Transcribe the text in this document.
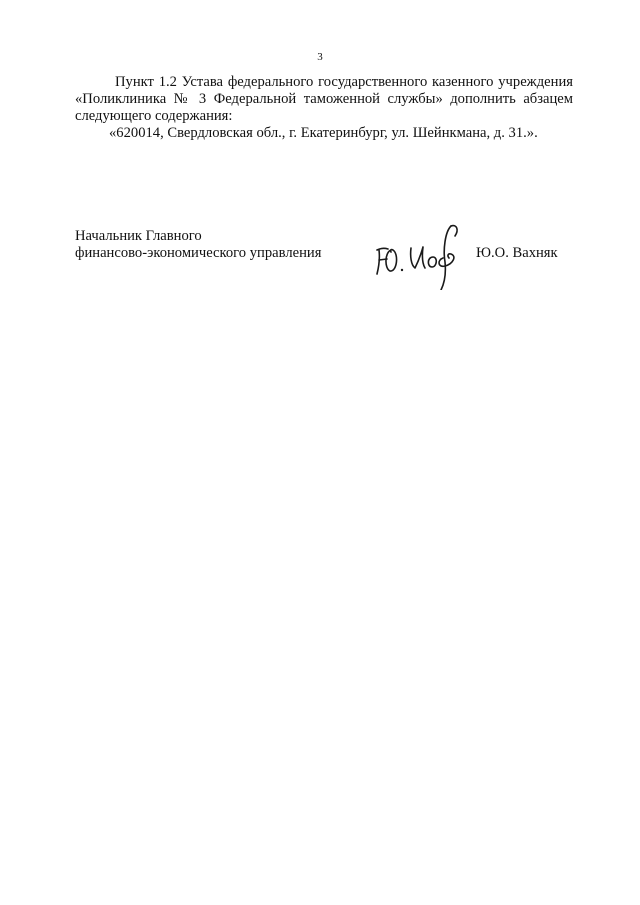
3

Пункт 1.2 Устава федерального государственного казенного учреждения «Поликлиника № 3 Федеральной таможенной службы» дополнить абзацем следующего содержания:

«620014, Свердловская обл., г. Екатеринбург, ул. Шейнкмана, д. 31.».

Начальник Главного
финансово-экономического управления	Ю.О. Вахняк
